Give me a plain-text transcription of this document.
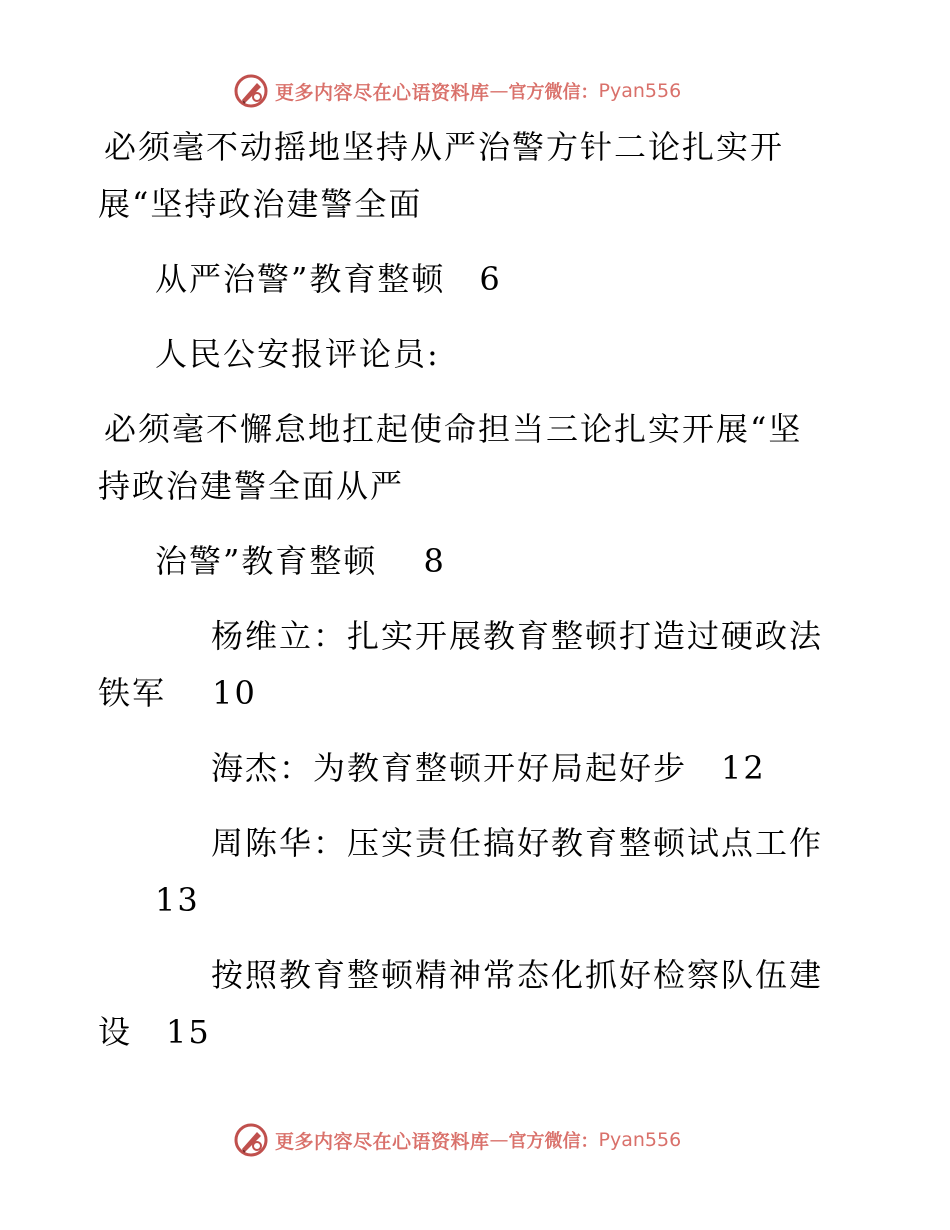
更多内容尽在心语资料库 — 官方微信： Pyan556
必须毫不动摇地坚持从严治警方针二论扎实开
展“坚持政治建警全面
从严治警”教育整顿　6
人民公安报评论员:
必须毫不懈怠地扛起使命担当三论扎实开展“坚
持政治建警全面从严
治警”教育整顿　 8
杨维立：扎实开展教育整顿打造过硬政法
铁军　 10
海杰：为教育整顿开好局起好步　12
周陈华：压实责任搞好教育整顿试点工作
13
按照教育整顿精神常态化抓好检察队伍建
设　15
更多内容尽在心语资料库 — 官方微信： Pyan556
